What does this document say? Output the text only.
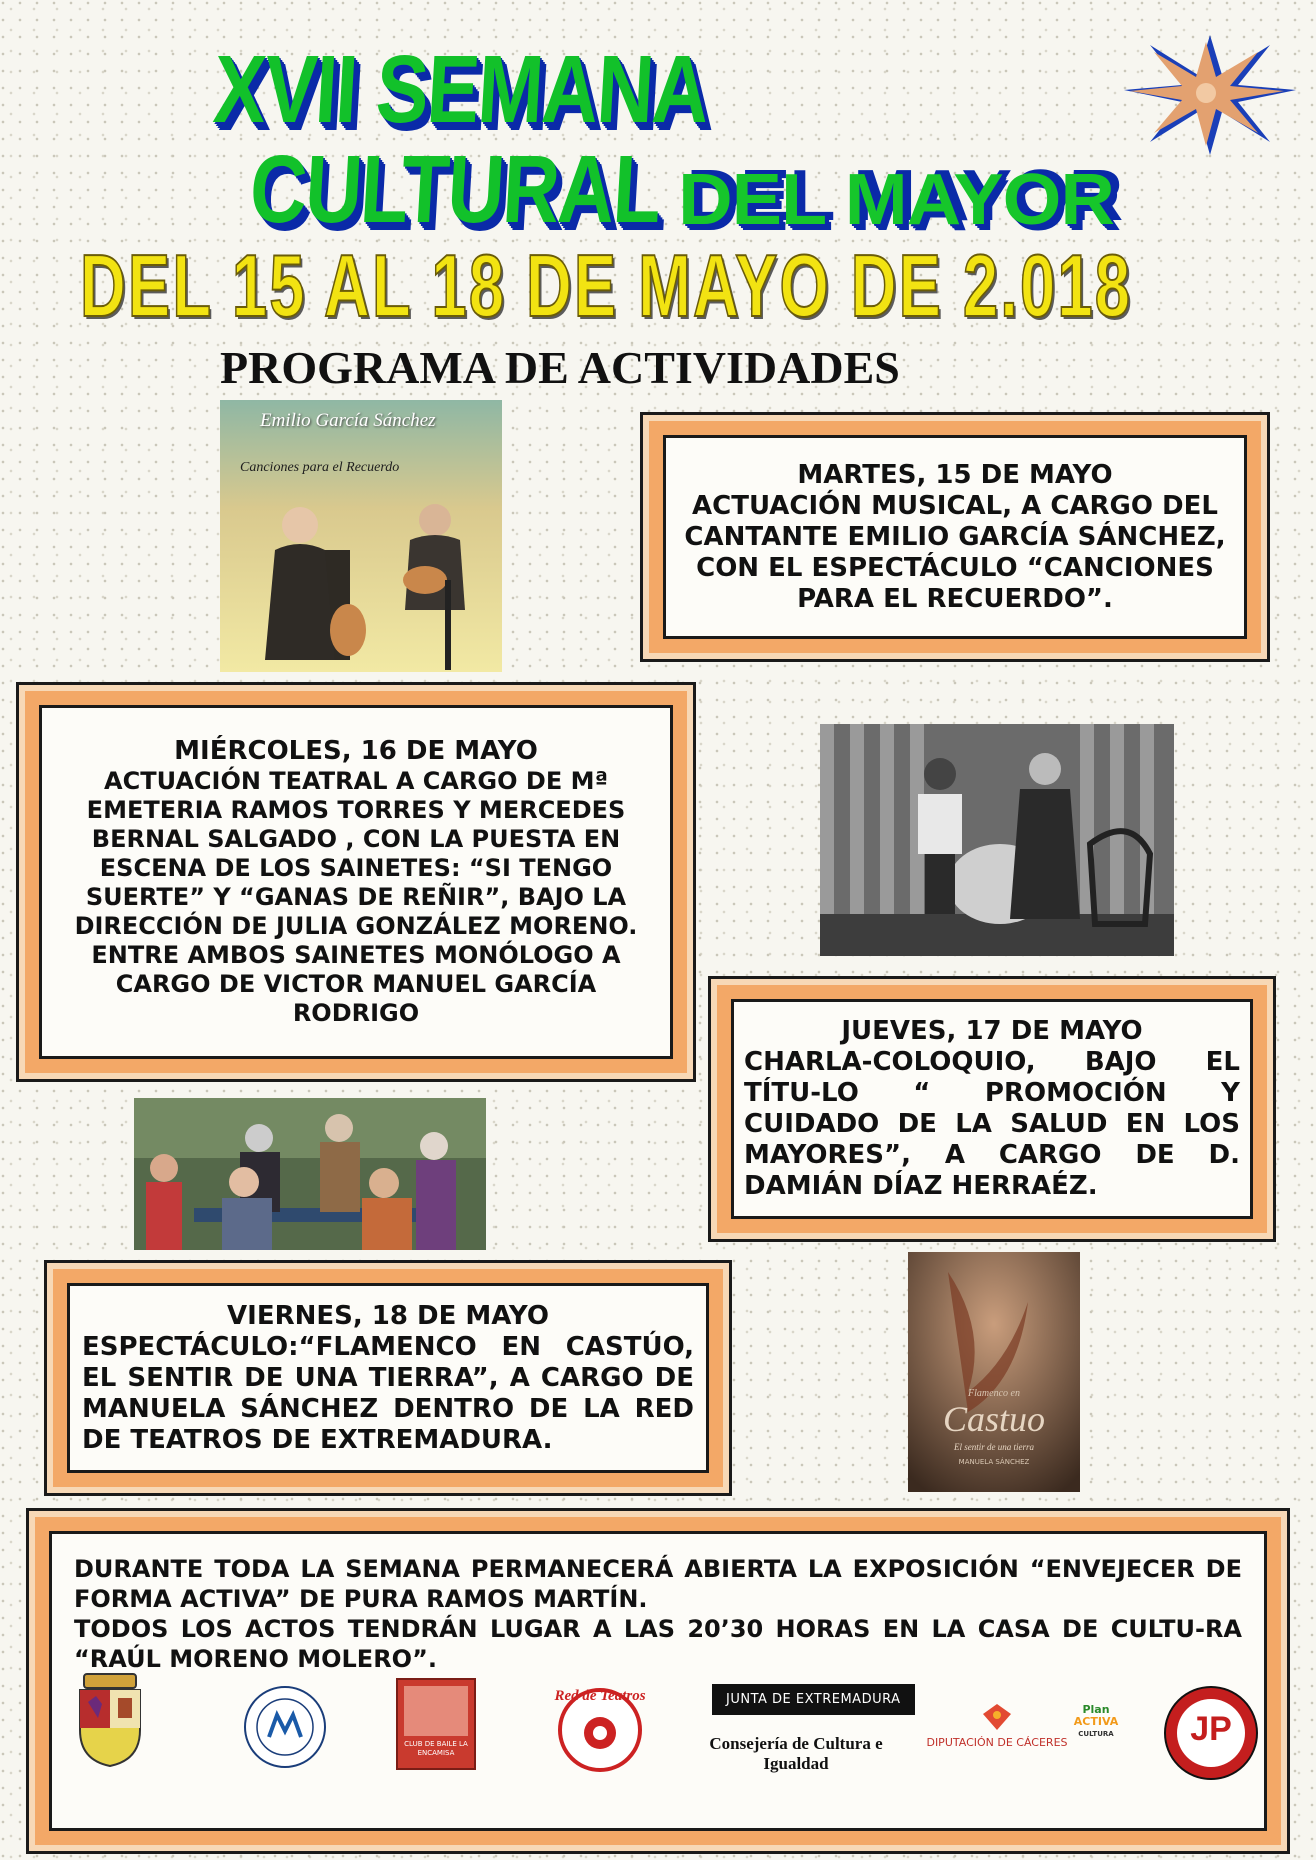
XVII SEMANA CULTURAL DEL MAYOR
DEL 15 AL 18 DE MAYO DE 2.018
PROGRAMA DE ACTIVIDADES
Emilio García Sánchez
Canciones para el Recuerdo	MARTES, 15 DE MAYO

ACTUACIÓN MUSICAL, A CARGO DEL CANTANTE EMILIO GARCÍA SÁNCHEZ, CON EL ESPECTÁCULO “CANCIONES PARA EL RECUERDO”.

MIÉRCOLES, 16 DE MAYO

ACTUACIÓN TEATRAL A CARGO DE Mª EMETERIA RAMOS TORRES Y MERCEDES BERNAL SALGADO , CON LA PUESTA EN ESCENA DE LOS SAINETES: “SI TENGO SUERTE” Y “GANAS DE REÑIR”, BAJO LA DIRECCIÓN DE JULIA GONZÁLEZ MORENO. ENTRE AMBOS SAINETES MONÓLOGO A CARGO DE VICTOR MANUEL GARCÍA RODRIGO

JUEVES, 17 DE MAYO

CHARLA-COLOQUIO, BAJO EL TÍTU-LO “ PROMOCIÓN Y CUIDADO DE LA SALUD EN LOS MAYORES”, A CARGO DE D. DAMIÁN DÍAZ HERRAÉZ.

VIERNES, 18 DE MAYO

ESPECTÁCULO:“FLAMENCO EN CASTÚO, EL SENTIR DE UNA TIERRA”, A CARGO DE MANUELA SÁNCHEZ DENTRO DE LA RED DE TEATROS DE EXTREMADURA.

Flamenco en
Castuo
El sentir de una tierra
MANUELA SÁNCHEZ

DURANTE TODA LA SEMANA PERMANECERÁ ABIERTA LA EXPOSICIÓN “ENVEJECER DE FORMA ACTIVA” DE PURA RAMOS MARTÍN.

TODOS LOS ACTOS TENDRÁN LUGAR A LAS 20’30 HORAS EN LA CASA DE CULTU-RA “RAÚL MORENO MOLERO”.

CLUB DE BAILE LA ENCAMISA
Red de Teatros	JUNTA DE EXTREMADURA
Consejería de Cultura e Igualdad
DIPUTACIÓN DE CÁCERES
Plan
ACTIVA
CULTURA	JP
